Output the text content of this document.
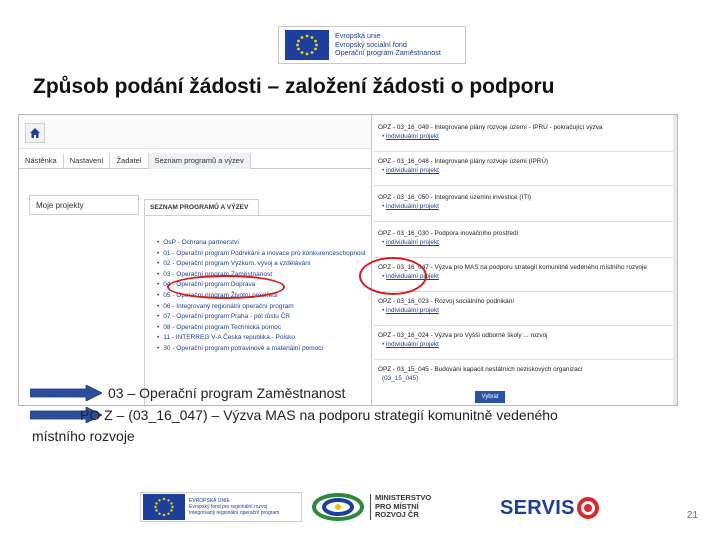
Evropská unie
Evropský sociální fond
Operační program Zaměstnanost
Způsob podání žádosti – založení žádosti o podporu
Nástěnka	Nastavení	Žadatel	Seznam programů a výzev
Moje projekty	SEZNAM PROGRAMŮ A VÝZEV
• OsP - Ochrana partnerství
• 01 - Operační program Podnikání a inovace pro konkurenceschopnost
• 02 - Operační program Výzkum, vývoj a vzdělávání
• 03 - Operační program Zaměstnanost
• 04 - Operační program Doprava
• 05 - Operační program Životní prostředí
• 06 - Integrovaný regionální operační program
• 07 - Operační program Praha - pól růstu ČR
• 08 - Operační program Technická pomoc
• 11 - INTERREG V-A Česká republika - Polsko
• 30 - Operační program potravinové a materiální pomoci
OPZ - 03_16_049 - Integrované plány rozvoje území - IPRÚ - pokračující výzva
• individuální projekt
OPZ - 03_16_048 - Integrované plány rozvoje území (IPRÚ)
• individuální projekt
OPZ - 03_16_050 - Integrované územní investice (ITI)
• individuální projekt
OPZ - 03_16_030 - Podpora inovačního prostředí
• individuální projekt
OPZ - 03_16_047 - Výzva pro MAS na podporu strategií komunitně vedeného místního rozvoje
• individuální projekt
OPZ - 03_16_023 - Rozvoj sociálního podnikání
• individuální projekt
OPZ - 03_16_024 - Výzva pro Vyšší odborné školy ... rozvoj
• individuální projekt
OPZ - 03_15_045 - Budování kapacit nestátních neziskových organizací
(03_15_045)
Vybrat
03 – Operační program Zaměstnanost
PO Z – (03_16_047) – Výzva MAS na podporu strategií komunitně vedeného
místního rozvoje
EVROPSKÁ UNIE
Evropský fond pro regionální rozvoj
Integrovaný regionální operační program
MINISTERSTVO
PRO MÍSTNÍ
ROZVOJ ČR	SERVIS	21
